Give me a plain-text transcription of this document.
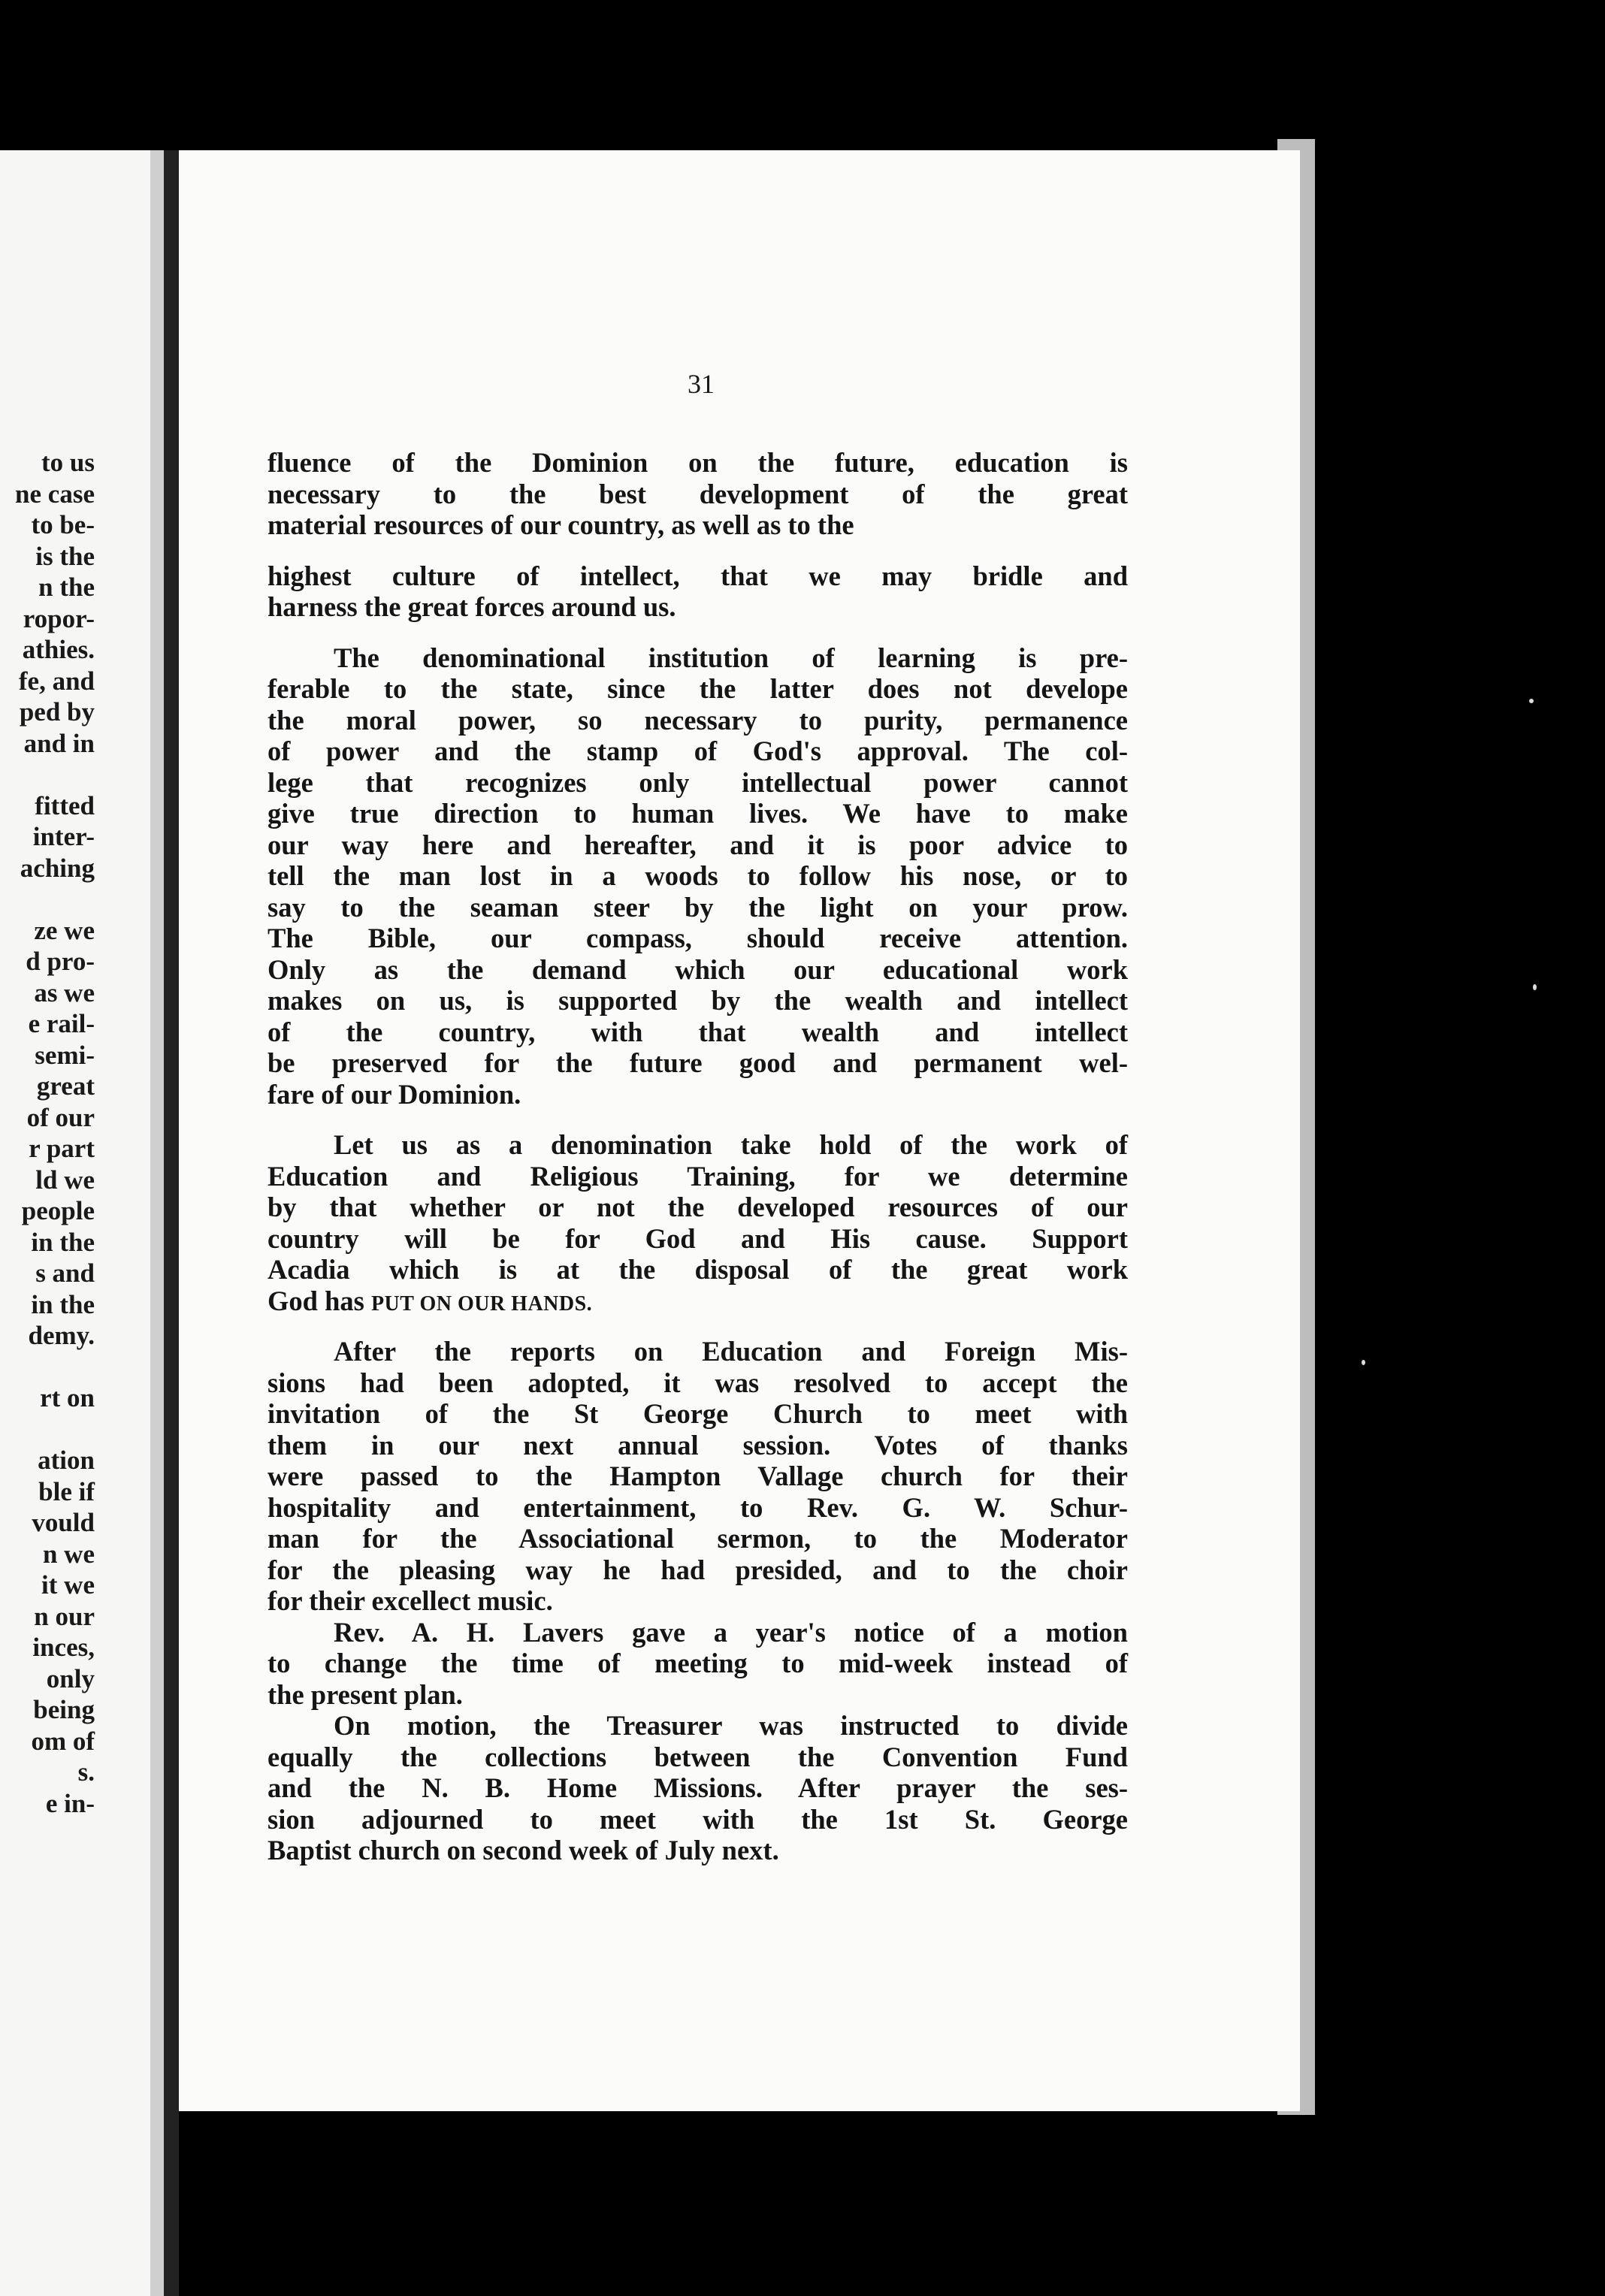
to us
ne case
to be-
is the
n the
ropor-
athies.
fe, and
ped by
and in
fitted
inter-
aching
ze we
d pro-
as we
e rail-
semi-
great
of our
r part
ld we
people
in the
s and
in the
demy.
rt on
ation
ble if
vould
n we
it we
n our
inces,
only
being
om of
s.
e in-
31
fluence of the Dominion on the future, education is
necessary to the best development of the great
material resources of our country, as well as to the
highest culture of intellect, that we may bridle and
harness the great forces around us.
The denominational institution of learning is pre-
ferable to the state, since the latter does not develope
the moral power, so necessary to purity, permanence
of power and the stamp of God's approval. The col-
lege that recognizes only intellectual power cannot
give true direction to human lives. We have to make
our way here and hereafter, and it is poor advice to
tell the man lost in a woods to follow his nose, or to
say to the seaman steer by the light on your prow.
The Bible, our compass, should receive attention.
Only as the demand which our educational work
makes on us, is supported by the wealth and intellect
of the country, with that wealth and intellect
be preserved for the future good and permanent wel-
fare of our Dominion.
Let us as a denomination take hold of the work of
Education and Religious Training, for we determine
by that whether or not the developed resources of our
country will be for God and His cause. Support
Acadia which is at the disposal of the great work
God has PUT ON OUR HANDS.
After the reports on Education and Foreign Mis-
sions had been adopted, it was resolved to accept the
invitation of the St George Church to meet with
them in our next annual session. Votes of thanks
were passed to the Hampton Vallage church for their
hospitality and entertainment, to Rev. G. W. Schur-
man for the Associational sermon, to the Moderator
for the pleasing way he had presided, and to the choir
for their excellect music.
Rev. A. H. Lavers gave a year's notice of a motion
to change the time of meeting to mid-week instead of
the present plan.
On motion, the Treasurer was instructed to divide
equally the collections between the Convention Fund
and the N. B. Home Missions. After prayer the ses-
sion adjourned to meet with the 1st St. George
Baptist church on second week of July next.
